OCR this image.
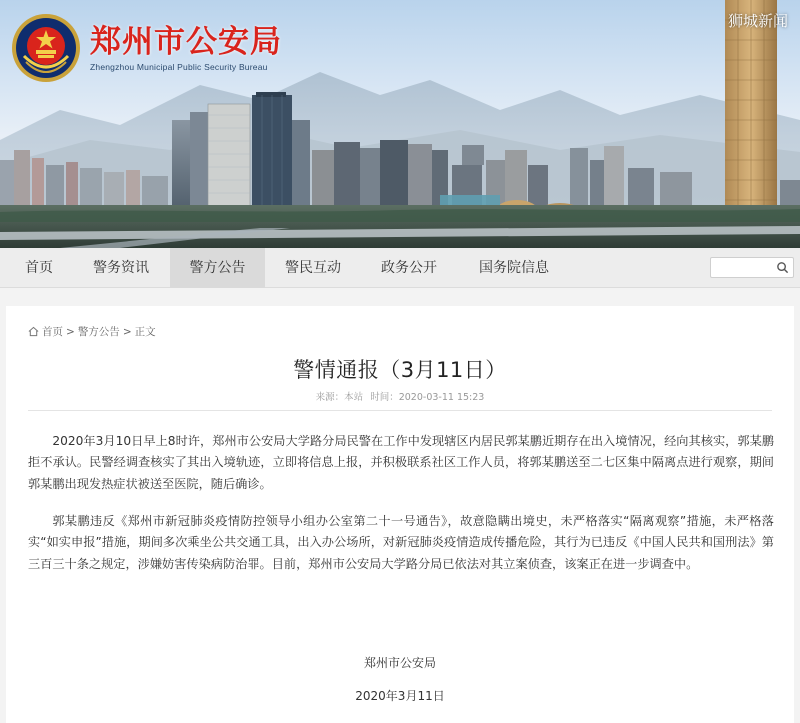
郑州市公安局
Zhengzhou Municipal Public Security Bureau
狮城新闻
首页	警务资讯	警方公告	警民互动	政务公开	国务院信息
首页 > 警方公告 > 正文
警情通报（3月11日）
来源：本站 时间：2020-03-11 15:23

2020年3月10日早上8时许，郑州市公安局大学路分局民警在工作中发现辖区内居民郭某鹏近期存在出入境情况，经向其核实，郭某鹏拒不承认。民警经调查核实了其出入境轨迹，立即将信息上报，并积极联系社区工作人员，将郭某鹏送至二七区集中隔离点进行观察，期间郭某鹏出现发热症状被送至医院，随后确诊。

郭某鹏违反《郑州市新冠肺炎疫情防控领导小组办公室第二十一号通告》，故意隐瞒出境史，未严格落实“隔离观察”措施，未严格落实“如实申报”措施，期间多次乘坐公共交通工具，出入办公场所，对新冠肺炎疫情造成传播危险，其行为已违反《中国人民共和国刑法》第三百三十条之规定，涉嫌妨害传染病防治罪。目前，郑州市公安局大学路分局已依法对其立案侦查，该案正在进一步调查中。

郑州市公安局
2020年3月11日
